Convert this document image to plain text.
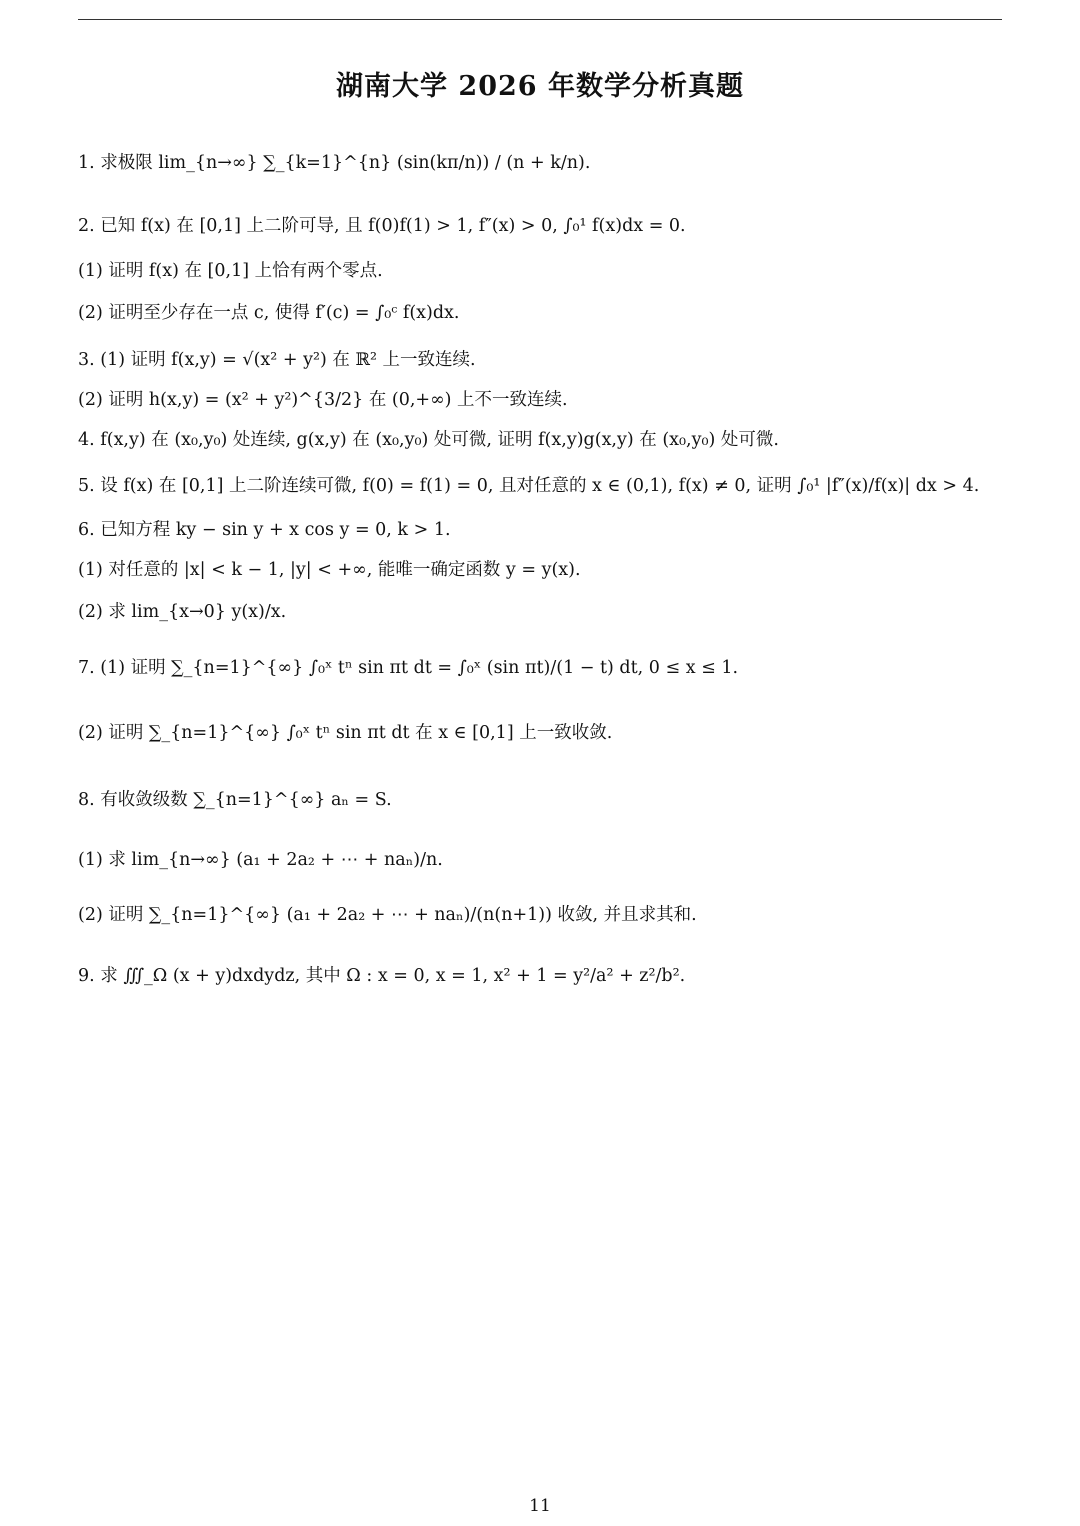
湖南大学 2026 年数学分析真题
1. 求极限 lim_{n→∞} ∑_{k=1}^{n} (sin(kπ/n)) / (n + k/n).
2. 已知 f(x) 在 [0,1] 上二阶可导, 且 f(0)f(1) > 1, f″(x) > 0, ∫₀¹ f(x)dx = 0.
(1) 证明 f(x) 在 [0,1] 上恰有两个零点.
(2) 证明至少存在一点 c, 使得 f′(c) = ∫₀ᶜ f(x)dx.
3. (1) 证明 f(x,y) = √(x² + y²) 在 ℝ² 上一致连续.
(2) 证明 h(x,y) = (x² + y²)^{3/2} 在 (0,+∞) 上不一致连续.
4. f(x,y) 在 (x₀,y₀) 处连续, g(x,y) 在 (x₀,y₀) 处可微, 证明 f(x,y)g(x,y) 在 (x₀,y₀) 处可微.
5. 设 f(x) 在 [0,1] 上二阶连续可微, f(0) = f(1) = 0, 且对任意的 x ∈ (0,1), f(x) ≠ 0, 证明 ∫₀¹ |f″(x)/f(x)| dx > 4.
6. 已知方程 ky − sin y + x cos y = 0, k > 1.
(1) 对任意的 |x| < k − 1, |y| < +∞, 能唯一确定函数 y = y(x).
(2) 求 lim_{x→0} y(x)/x.
7. (1) 证明 ∑_{n=1}^{∞} ∫₀ˣ tⁿ sin πt dt = ∫₀ˣ (sin πt)/(1 − t) dt, 0 ≤ x ≤ 1.
(2) 证明 ∑_{n=1}^{∞} ∫₀ˣ tⁿ sin πt dt 在 x ∈ [0,1] 上一致收敛.
8. 有收敛级数 ∑_{n=1}^{∞} aₙ = S.
(1) 求 lim_{n→∞} (a₁ + 2a₂ + ⋯ + naₙ)/n.
(2) 证明 ∑_{n=1}^{∞} (a₁ + 2a₂ + ⋯ + naₙ)/(n(n+1)) 收敛, 并且求其和.
9. 求 ∭_Ω (x + y)dxdydz, 其中 Ω : x = 0, x = 1, x² + 1 = y²/a² + z²/b².
11
